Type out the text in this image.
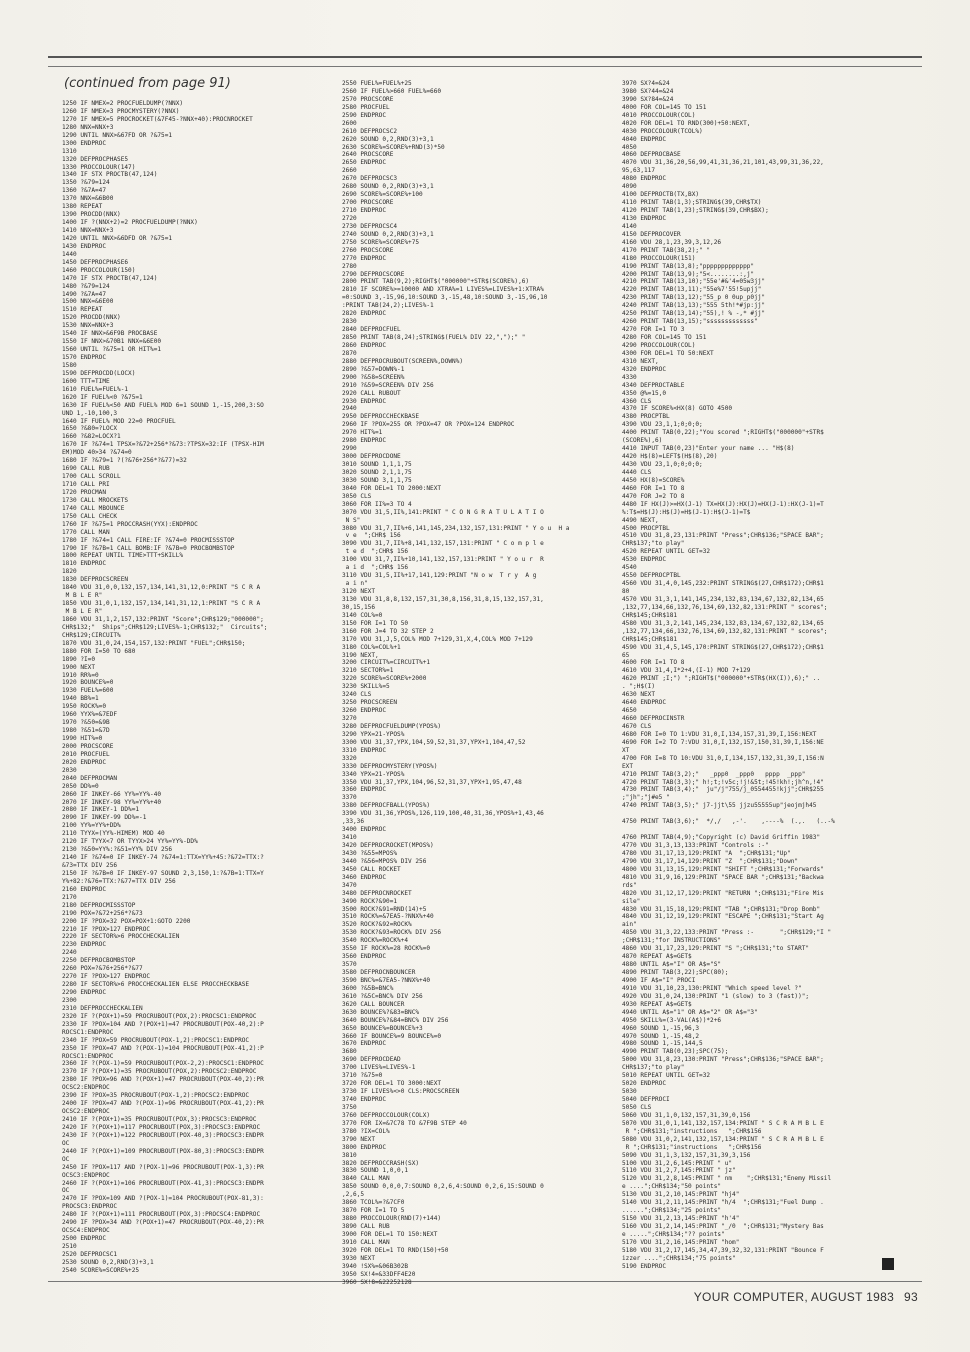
(continued from page 91)
1250 IF NMEX=2 PROCFUELDUMP(?NNX)
1260 IF NMEX=3 PROCMYSTERY(?NNX)
1270 IF NMEX=5 PROCROCKET(&7F45-?NNX+40):PROCNROCKET
1280 NNX=NNX+3
1290 UNTIL NNX>&67FD OR ?&75=1
1300 ENDPROC
1310
1320 DEFPROCPHASE5
1330 PROCCOLOUR(147)
1340 IF STX PROCTB(47,124)
1350 ?&79=124
1360 ?&7A=47
1370 NNX=&6B00
1380 REPEAT
1390 PROCDD(NNX)
1400 IF ?(NNX+2)=2 PROCFUELDUMP(?NNX)
1410 NNX=NNX+3
1420 UNTIL NNX>&6DFD OR ?&75=1
1430 ENDPROC
1440
1450 DEFPROCPHASE6
1460 PROCCOLOUR(150)
1470 IF STX PROCTB(47,124)
1480 ?&79=124
1490 ?&7A=47
1500 NNX=&6E00
1510 REPEAT
1520 PROCDD(NNX)
1530 NNX=NNX+3
1540 IF NNX>&6F9B PROCBASE
1550 IF NNX>&70B1 NNX=&6E00
1560 UNTIL ?&75=1 OR HIT%=1
1570 ENDPROC
1580
1590 DEFPROCDD(LOCX)
1600 TTT=TIME
1610 FUEL%=FUEL%-1
1620 IF FUEL%<0 ?&75=1
1630 IF FUEL%<50 AND FUEL% MOD 6=1 SOUND 1,-15,200,3:SO
UND 1,-10,100,3
1640 IF FUEL% MOD 22=0 PROCFUEL
1650 ?&80=?LOCX
1660 ?&82=LOCX?1
1670 IF ?&74=1 TPSX=?&72+256*?&73:?TPSX=32:IF (TPSX-HIM
EM)MOD 40>34 ?&74=0
1680 IF ?&79=1 ?(?&76+256*?&77)=32
1690 CALL RUB
1700 CALL SCROLL
1710 CALL PRI
1720 PROCMAN
1730 CALL MROCKETS
1740 CALL MBOUNCE
1750 CALL CHECK
1760 IF ?&75=1 PROCCRASH(YYX):ENDPROC
1770 CALL MAN
1780 IF ?&74=1 CALL FIRE:IF ?&74=0 PROCMISSSTOP
1790 IF ?&7B=1 CALL BOMB:IF ?&7B=0 PROCBOMBSTOP
1800 REPEAT UNTIL TIME>TTT+SKILL%
1810 ENDPROC
1820
1830 DEFPROCSCREEN
1840 VDU 31,0,0,132,157,134,141,31,12,0:PRINT "S C R A
M B L E R"
1850 VDU 31,0,1,132,157,134,141,31,12,1:PRINT "S C R A
M B L E R"
1860 VDU 31,1,2,157,132:PRINT "Score";CHR$129;"000000";
CHR$132;"  Ships";CHR$129;LIVES%-1;CHR$132;"  Circuits";
CHR$129;CIRCUIT%
1870 VDU 31,0,24,154,157,132:PRINT "FUEL";CHR$150;
1880 FOR I=50 TO 680
1890 ?I=0
1900 NEXT
1910 RR%=0
1920 BOUNCE%=0
1930 FUEL%=600
1940 BB%=1
1950 ROCK%=0
1960 YYX%=&7EDF
1970 ?&50=&9B
1980 ?&51=&7D
1990 HIT%=0
2000 PROCSCORE
2010 PROCFUEL
2020 ENDPROC
2030
2040 DEFPROCMAN
2050 DD%=0
2060 IF INKEY-66 YY%=YY%-40
2070 IF INKEY-98 YY%=YY%+40
2080 IF INKEY-1 DD%=1
2090 IF INKEY-99 DD%=-1
2100 YY%=YY%+DD%
2110 TYYX=(YY%-HIMEM) MOD 40
2120 IF TYYX<7 OR TYYX>24 YY%=YY%-DD%
2130 ?&50=YY%:?&51=YY% DIV 256
2140 IF ?&74=0 IF INKEY-74 ?&74=1:TTX=YY%+45:?&72=TTX:?
&73=TTX DIV 256
2150 IF ?&7B=0 IF INKEY-97 SOUND 2,3,150,1:?&7B=1:TTX=Y
Y%+82:?&76=TTX:?&77=TTX DIV 256
2160 ENDPROC
2170
2180 DEFPROCMISSSTOP
2190 POX=?&72+256*?&73
2200 IF ?POX=32 POX=POX+1:GOTO 2200
2210 IF ?POX>127 ENDPROC
2220 IF SECTOR%>6 PROCCHECKALIEN
2230 ENDPROC
2240
2250 DEFPROCBOMBSTOP
2260 POX=?&76+256*?&77
2270 IF ?POX>127 ENDPROC
2280 IF SECTOR%>6 PROCCHECKALIEN ELSE PROCCHECKBASE
2290 ENDPROC
2300
2310 DEFPROCCHECKALIEN
2320 IF ?(POX+1)=59 PROCRUBOUT(POX,2):PROCSC1:ENDPROC
2330 IF ?POX=104 AND ?(POX+1)=47 PROCRUBOUT(POX-40,2):P
ROCSC1:ENDPROC
2340 IF ?POX=59 PROCRUBOUT(POX-1,2):PROCSC1:ENDPROC
2350 IF ?POX=47 AND ?(POX-1)=104 PROCRUBOUT(POX-41,2):P
ROCSC1:ENDPROC
2360 IF ?(POX-1)=59 PROCRUBOUT(POX-2,2):PROCSC1:ENDPROC
2370 IF ?(POX+1)=35 PROCRUBOUT(POX,2):PROCSC2:ENDPROC
2380 IF ?POX=96 AND ?(POX+1)=47 PROCRUBOUT(POX-40,2):PR
OCSC2:ENDPROC
2390 IF ?POX=35 PROCRUBOUT(POX-1,2):PROCSC2:ENDPROC
2400 IF ?POX=47 AND ?(POX-1)=96 PROCRUBOUT(POX-41,2):PR
OCSC2:ENDPROC
2410 IF ?(POX+1)=35 PROCRUBOUT(POX,3):PROCSC3:ENDPROC
2420 IF ?(POX+1)=117 PROCRUBOUT(POX,3):PROCSC3:ENDPROC
2430 IF ?(POX+1)=122 PROCRUBOUT(POX-40,3):PROCSC3:ENDPR
OC
2440 IF ?(POX+1)=109 PROCRUBOUT(POX-80,3):PROCSC3:ENDPR
OC
2450 IF ?POX=117 AND ?(POX-1)=96 PROCRUBOUT(POX-1,3):PR
OCSC3:ENDPROC
2460 IF ?(POX+1)=106 PROCRUBOUT(POX-41,3):PROCSC3:ENDPR
OC
2470 IF ?POX=109 AND ?(POX-1)=104 PROCRUBOUT(POX-81,3):
PROCSC3:ENDPROC
2480 IF ?(POX+1)=111 PROCRUBOUT(POX,3):PROCSC4:ENDPROC
2490 IF ?POX=34 AND ?(POX+1)=47 PROCRUBOUT(POX-40,2):PR
OCSC4:ENDPROC
2500 ENDPROC
2510
2520 DEFPROCSC1
2530 SOUND 0,2,RND(3)+3,1
2540 SCORE%=SCORE%+25
2550 FUEL%=FUEL%+25
2560 IF FUEL%>660 FUEL%=660
2570 PROCSCORE
2580 PROCFUEL
2590 ENDPROC
2600
2610 DEFPROCSC2
2620 SOUND 0,2,RND(3)+3,1
2630 SCORE%=SCORE%+RND(3)*50
2640 PROCSCORE
2650 ENDPROC
2660
2670 DEFPROCSC3
2680 SOUND 0,2,RND(3)+3,1
2690 SCORE%=SCORE%+100
2700 PROCSCORE
2710 ENDPROC
2720
2730 DEFPROCSC4
2740 SOUND 0,2,RND(3)+3,1
2750 SCORE%=SCORE%+75
2760 PROCSCORE
2770 ENDPROC
2780
2790 DEFPROCSCORE
2800 PRINT TAB(9,2);RIGHT$("000000"+STR$(SCORE%),6)
2810 IF SCORE%>=10000 AND XTRA%=1 LIVES%=LIVES%+1:XTRA%
=0:SOUND 3,-15,96,10:SOUND 3,-15,48,10:SOUND 3,-15,96,10
:PRINT TAB(24,2);LIVES%-1
2820 ENDPROC
2830
2840 DEFPROCFUEL
2850 PRINT TAB(8,24);STRING$(FUEL% DIV 22,",");" "
2860 ENDPROC
2870
2880 DEFPROCRUBOUT(SCREEN%,DOWN%)
2890 ?&57=DOWN%-1
2900 ?&58=SCREEN%
2910 ?&59=SCREEN% DIV 256
2920 CALL RUBOUT
2930 ENDPROC
2940
2950 DEFPROCCHECKBASE
2960 IF ?POX=255 OR ?POX=47 OR ?POX=124 ENDPROC
2970 HIT%=1
2980 ENDPROC
2990
3000 DEFPROCDONE
3010 SOUND 1,1,1,75
3020 SOUND 2,1,1,75
3030 SOUND 3,1,1,75
3040 FOR DEL=1 TO 2000:NEXT
3050 CLS
3060 FOR II%=3 TO 4
3070 VDU 31,5,II%,141:PRINT " C O N G R A T U L A T I O
N S"
3080 VDU 31,7,II%+6,141,145,234,132,157,131:PRINT " Y o u  H a
v e  ";CHR$ 156
3090 VDU 31,7,II%+8,141,132,157,131:PRINT " C o m p l e
t e d  ";CHR$ 156
3100 VDU 31,7,II%+10,141,132,157,131:PRINT " Y o u r  R
a i d  ";CHR$ 156
3110 VDU 31,5,II%+17,141,129:PRINT "N o w  T r y  A g
a i n"
3120 NEXT
3130 VDU 31,8,8,132,157,31,30,8,156,31,8,15,132,157,31,
30,15,156
3140 COL%=0
3150 FOR I=1 TO 50
3160 FOR J=4 TO 32 STEP 2
3170 VDU 31,J,5,COL% MOD 7+129,31,X,4,COL% MOD 7+129
3180 COL%=COL%+1
3190 NEXT,
3200 CIRCUIT%=CIRCUIT%+1
3210 SECTOR%=1
3220 SCORE%=SCORE%+2000
3230 SKILL%=5
3240 CLS
3250 PROCSCREEN
3260 ENDPROC
3270
3280 DEFPROCFUELDUMP(YPOS%)
3290 YPX=21-YPOS%
3300 VDU 31,37,YPX,104,59,52,31,37,YPX+1,104,47,52
3310 ENDPROC
3320
3330 DEFPROCMYSTERY(YPOS%)
3340 YPX=21-YPOS%
3350 VDU 31,37,YPX,104,96,52,31,37,YPX+1,95,47,48
3360 ENDPROC
3370
3380 DEFPROCFBALL(YPOS%)
3390 VDU 31,36,YPOS%,126,119,100,40,31,36,YPOS%+1,43,46
,33,36
3400 ENDPROC
3410
3420 DEFPROCROCKET(MPOS%)
3430 ?&55=MPOS%
3440 ?&56=MPOS% DIV 256
3450 CALL ROCKET
3460 ENDPROC
3470
3480 DEFPROCNROCKET
3490 ROCK?&90=1
3500 ROCK?&91=RND(14)+5
3510 ROCK%=&7EA5-?NNX%+40
3520 ROCK?&92=ROCK%
3530 ROCK?&93=ROCK% DIV 256
3540 ROCK%=ROCK%+4
3550 IF ROCK%=28 ROCK%=0
3560 ENDPROC
3570
3580 DEFPROCNBOUNCER
3590 BNC%=&7EA5-?NNX%+40
3600 ?&5B=BNC%
3610 ?&5C=BNC% DIV 256
3620 CALL BOUNCER
3630 BOUNCE%?&83=BNC%
3640 BOUNCE%?&84=BNC% DIV 256
3650 BOUNCE%=BOUNCE%+3
3660 IF BOUNCE%=9 BOUNCE%=0
3670 ENDPROC
3680
3690 DEFPROCDEAD
3700 LIVES%=LIVES%-1
3710 ?&75=0
3720 FOR DEL=1 TO 3000:NEXT
3730 IF LIVES%<>0 CLS:PROCSCREEN
3740 ENDPROC
3750
3760 DEFPROCCOLOUR(COLX)
3770 FOR IX=&7C78 TO &7F9B STEP 40
3780 ?IX=COL%
3790 NEXT
3800 ENDPROC
3810
3820 DEFPROCCRASH(SX)
3830 SOUND 1,0,0,1
3840 CALL MAN
3850 SOUND 0,0,0,7:SOUND 0,2,6,4:SOUND 0,2,6,15:SOUND 0
,2,6,5
3860 TCOL%=?&7CF0
3870 FOR I=1 TO 5
3880 PROCCOLOUR(RND(7)+144)
3890 CALL RUB
3900 FOR DEL=1 TO 150:NEXT
3910 CALL MAN
3920 FOR DEL=1 TO RND(150)+50
3930 NEXT
3940 !SX%=&06B302B
3950 SX!4=&33DFF4E20
3960 SX!8=&22252128
3970 SX?4=&24
3980 SX?44=&24
3990 SX?84=&24
4000 FOR COL=145 TO 151
4010 PROCCOLOUR(COL)
4020 FOR DEL=1 TO RND(300)+50:NEXT,
4030 PROCCOLOUR(TCOL%)
4040 ENDPROC
4050
4060 DEFPROCBASE
4070 VDU 31,36,20,56,99,41,31,36,21,101,43,99,31,36,22,
95,63,117
4080 ENDPROC
4090
4100 DEFPROCTB(TX,BX)
4110 PRINT TAB(1,3);STRING$(39,CHR$TX)
4120 PRINT TAB(1,23);STRING$(39,CHR$BX);
4130 ENDPROC
4140
4150 DEFPROCOVER
4160 VDU 28,1,23,39,3,12,26
4170 PRINT TAB(38,2);" "
4180 PROCCOLOUR(151)
4190 PRINT TAB(13,8);"ppppppppppppp"
4200 PRINT TAB(13,9);"5<........:,j"
4210 PRINT TAB(13,10);"55e'#&'4=05w3jj"
4220 PRINT TAB(13,11);"55e%7'55!5upjj"
4230 PRINT TAB(13,12);"55_p 0 0up_p0jj"
4240 PRINT TAB(13,13);"555 5th!*#jp:jj"
4250 PRINT TAB(13,14);"55),! % -,* #jj"
4260 PRINT TAB(13,15);"sssssssssssss"
4270 FOR I=1 TO 3
4280 FOR COL=145 TO 151
4290 PROCCOLOUR(COL)
4300 FOR DEL=1 TO 50:NEXT
4310 NEXT,
4320 ENDPROC
4330
4340 DEFPROCTABLE
4350 @%=15,0
4360 CLS
4370 IF SCORE%<HX(8) GOTO 4500
4380 PROCPTBL
4390 VDU 23,1,1;0;0;0;
4400 PRINT TAB(0,22);"You scored ";RIGHT$("000000"+STR$
(SCORE%),6)
4410 INPUT TAB(0,23)"Enter your name ... "H$(8)
4420 H$(8)=LEFT$(H$(8),20)
4430 VDU 23,1,0;0;0;0;
4440 CLS
4450 HX(8)=SCORE%
4460 FOR I=1 TO 8
4470 FOR J=2 TO 8
4480 IF HX(J)>=HX(J-1) TX=HX(J):HX(J)=HX(J-1):HX(J-1)=T
%:T$=H$(J):H$(J)=H$(J-1):H$(J-1)=T$
4490 NEXT,
4500 PROCPTBL
4510 VDU 31,8,23,131:PRINT "Press";CHR$136;"SPACE BAR";
CHR$137;"to play"
4520 REPEAT UNTIL GET=32
4530 ENDPROC
4540
4550 DEFPROCPTBL
4560 VDU 31,4,0,145,232:PRINT STRING$(27,CHR$172);CHR$1
80
4570 VDU 31,3,1,141,145,234,132,83,134,67,132,82,134,65
,132,77,134,66,132,76,134,69,132,82,131:PRINT " scores";
CHR$145;CHR$181
4580 VDU 31,3,2,141,145,234,132,83,134,67,132,82,134,65
,132,77,134,66,132,76,134,69,132,82,131:PRINT " scores";
CHR$145;CHR$181
4590 VDU 31,4,5,145,170:PRINT STRING$(27,CHR$172);CHR$1
65
4600 FOR I=1 TO 8
4610 VDU 31,4,I*2+4,(I-1) MOD 7+129
4620 PRINT ;I;") ";RIGHT$("000000"+STR$(HX(I)),6);" ..
. ";H$(I)
4630 NEXT
4640 ENDPROC
4650
4660 DEFPROCINSTR
4670 CLS
4680 FOR I=0 TO 1:VDU 31,0,I,134,157,31,39,I,156:NEXT
4690 FOR I=2 TO 7:VDU 31,0,I,132,157,150,31,39,I,156:NE
XT
4700 FOR I=8 TO 10:VDU 31,0,I,134,157,132,31,39,I,156:N
EXT
4710 PRINT TAB(3,2);"   _ppp0  _ppp0   pppp  _ppp"
4720 PRINT TAB(3,3);" h!;t;!v5c;!j!&5t;!45!kh!;jh^n,!4"
4730 PRINT TAB(3,4);"  ju"/j"755/j_0554455!kjj";CHR$255
;"jh";"j#e5 "
4740 PRINT TAB(3,5);" j7-jjt\55 jjzu55555up"jeojmjh45
4750 PRINT TAB(3,6);"  */,/   ,-'.    ,----%  (.,.   (..-%
4760 PRINT TAB(4,9);"Copyright (c) David Griffin 1983"
4770 VDU 31,3,13,133:PRINT "Controls :-"
4780 VDU 31,17,13,129:PRINT "A  ";CHR$131;"Up"
4790 VDU 31,17,14,129:PRINT "Z  ";CHR$131;"Down"
4800 VDU 31,13,15,129:PRINT "SHIFT ";CHR$131;"Forwards"
4810 VDU 31,9,16,129:PRINT "SPACE BAR ";CHR$131;"Backwa
rds"
4820 VDU 31,12,17,129:PRINT "RETURN ";CHR$131;"Fire Mis
sile"
4830 VDU 31,15,18,129:PRINT "TAB ";CHR$131;"Drop Bomb"
4840 VDU 31,12,19,129:PRINT "ESCAPE ";CHR$131;"Start Ag
ain"
4850 VDU 31,3,22,133:PRINT "Press :-       ";CHR$129;"I "
;CHR$131;"for INSTRUCTIONS"
4860 VDU 31,17,23,129:PRINT "S ";CHR$131;"to START"
4870 REPEAT A$=GET$
4880 UNTIL A$="I" OR A$="S"
4890 PRINT TAB(3,22);SPC(80);
4900 IF A$="I" PROCI
4910 VDU 31,10,23,130:PRINT "Which speed level ?"
4920 VDU 31,0,24,130:PRINT "1 (slow) to 3 (fast))";
4930 REPEAT A$=GET$
4940 UNTIL A$="1" OR A$="2" OR A$="3"
4950 SKILL%=(3-VAL(A$))*2+6
4960 SOUND 1,-15,96,3
4970 SOUND 1,-15,48,2
4980 SOUND 1,-15,144,5
4990 PRINT TAB(0,23);SPC(75);
5000 VDU 31,8,23,130:PRINT "Press";CHR$136;"SPACE BAR";
CHR$137;"to play"
5010 REPEAT UNTIL GET=32
5020 ENDPROC
5030
5040 DEFPROCI
5050 CLS
5060 VDU 31,1,0,132,157,31,39,0,156
5070 VDU 31,0,1,141,132,157,134:PRINT " S C R A M B L E
R ";CHR$131;"instructions   ";CHR$156
5080 VDU 31,0,2,141,132,157,134:PRINT " S C R A M B L E
R ";CHR$131;"instructions   ";CHR$156
5090 VDU 31,1,3,132,157,31,39,3,156
5100 VDU 31,2,6,145:PRINT " u"
5110 VDU 31,2,7,145:PRINT " jz"
5120 VDU 31,2,8,145:PRINT " nm    ";CHR$131;"Enemy Missil
e ....";CHR$134;"50 points"
5130 VDU 31,2,10,145:PRINT "hj4"
5140 VDU 31,2,11,145:PRINT "h/4  ";CHR$131;"Fuel Dump .
......";CHR$134;"25 points"
5150 VDU 31,2,13,145:PRINT "h'4"
5160 VDU 31,2,14,145:PRINT "_/0  ";CHR$131;"Mystery Bas
e .....";CHR$134;"?? points"
5170 VDU 31,2,16,145:PRINT "hom"
5180 VDU 31,2,17,145,34,47,39,32,32,131:PRINT "Bounce F
izzer ....";CHR$134;"75 points"
5190 ENDPROC
YOUR COMPUTER, AUGUST 1983 93
